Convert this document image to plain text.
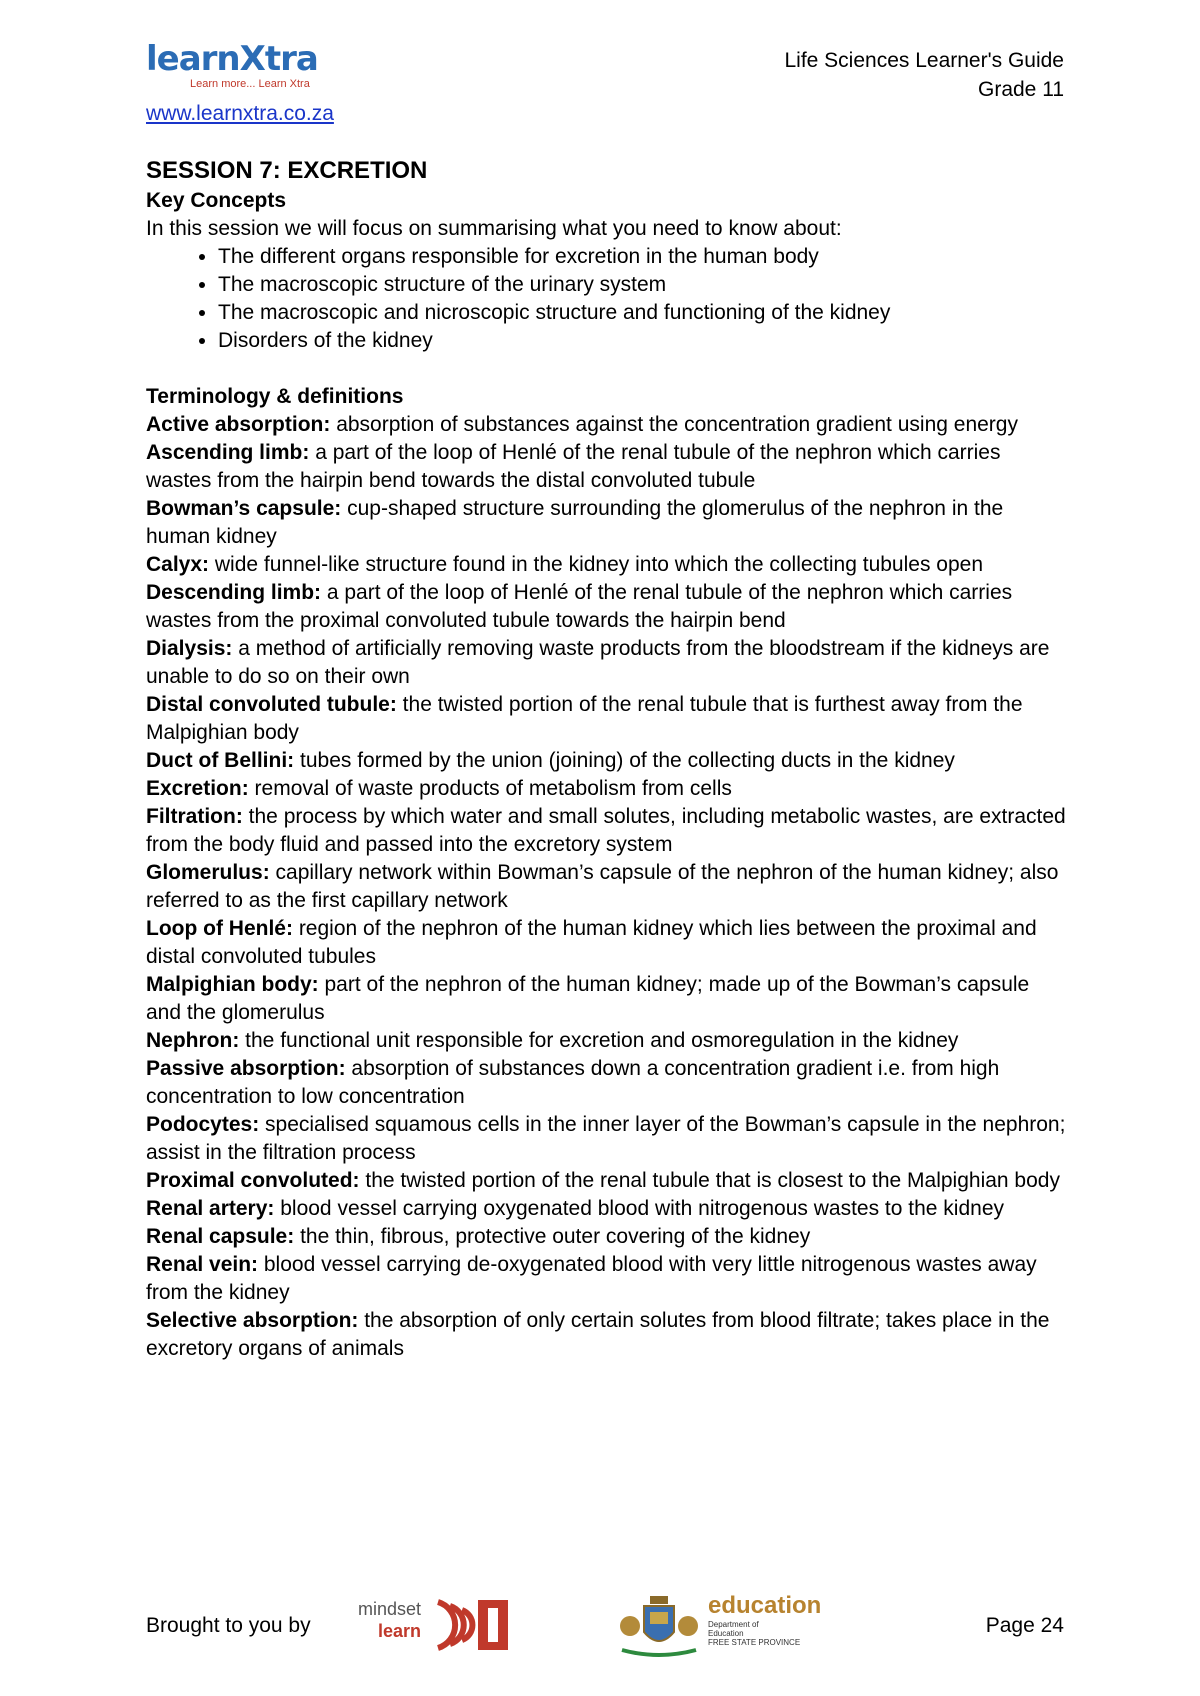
learnXtra
Learn more... Learn Xtra
www.learnxtra.co.za
Life Sciences Learner's Guide
Grade 11
SESSION 7: EXCRETION
Key Concepts
In this session we will focus on summarising what you need to know about:
• The different organs responsible for excretion in the human body
• The macroscopic structure of the urinary system
• The macroscopic and nicroscopic structure and functioning of the kidney
• Disorders of the kidney
Terminology & definitions

Active absorption: absorption of substances against the concentration gradient using energy

Ascending limb: a part of the loop of Henlé of the renal tubule of the nephron which carries wastes from the hairpin bend towards the distal convoluted tubule

Bowman’s capsule: cup-shaped structure surrounding the glomerulus of the nephron in the human kidney

Calyx: wide funnel-like structure found in the kidney into which the collecting tubules open

Descending limb: a part of the loop of Henlé of the renal tubule of the nephron which carries wastes from the proximal convoluted tubule towards the hairpin bend

Dialysis: a method of artificially removing waste products from the bloodstream if the kidneys are unable to do so on their own

Distal convoluted tubule: the twisted portion of the renal tubule that is furthest away from the Malpighian body

Duct of Bellini: tubes formed by the union (joining) of the collecting ducts in the kidney

Excretion: removal of waste products of metabolism from cells

Filtration: the process by which water and small solutes, including metabolic wastes, are extracted from the body fluid and passed into the excretory system

Glomerulus: capillary network within Bowman’s capsule of the nephron of the human kidney; also referred to as the first capillary network

Loop of Henlé: region of the nephron of the human kidney which lies between the proximal and distal convoluted tubules

Malpighian body: part of the nephron of the human kidney; made up of the Bowman’s capsule and the glomerulus

Nephron: the functional unit responsible for excretion and osmoregulation in the kidney

Passive absorption: absorption of substances down a concentration gradient i.e. from high concentration to low concentration

Podocytes: specialised squamous cells in the inner layer of the Bowman’s capsule in the nephron; assist in the filtration process

Proximal convoluted: the twisted portion of the renal tubule that is closest to the Malpighian body

Renal artery: blood vessel carrying oxygenated blood with nitrogenous wastes to the kidney

Renal capsule: the thin, fibrous, protective outer covering of the kidney

Renal vein: blood vessel carrying de-oxygenated blood with very little nitrogenous wastes away from the kidney

Selective absorption: the absorption of only certain solutes from blood filtrate; takes place in the excretory organs of animals

Brought to you by
mindset
learn
education
Department of
Education
FREE STATE PROVINCE
Page 24
